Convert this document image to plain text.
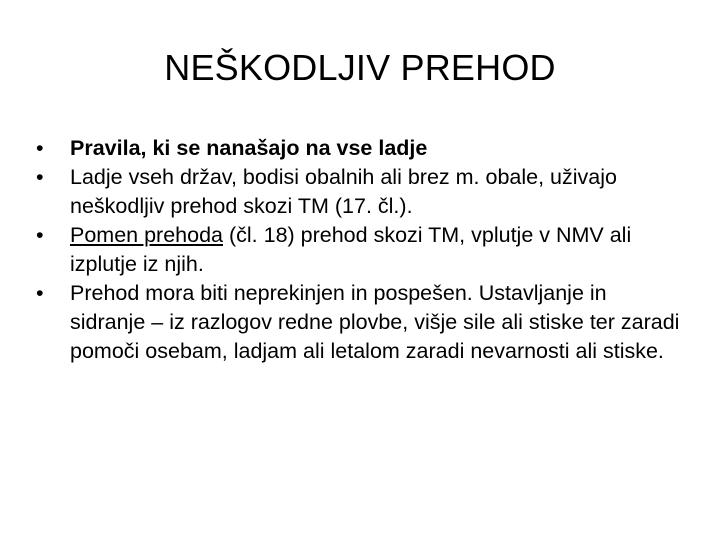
NEŠKODLJIV PREHOD
•	Pravila, ki se nanašajo na vse ladje
•	Ladje vseh držav, bodisi obalnih ali brez m. obale, uživajo neškodljiv prehod skozi TM (17. čl.).
•	Pomen prehoda (čl. 18) prehod skozi TM, vplutje v NMV ali izplutje iz njih.
•	Prehod mora biti neprekinjen in pospešen. Ustavljanje in sidranje – iz razlogov redne plovbe, višje sile ali stiske ter zaradi pomoči osebam, ladjam ali letalom zaradi nevarnosti ali stiske.
